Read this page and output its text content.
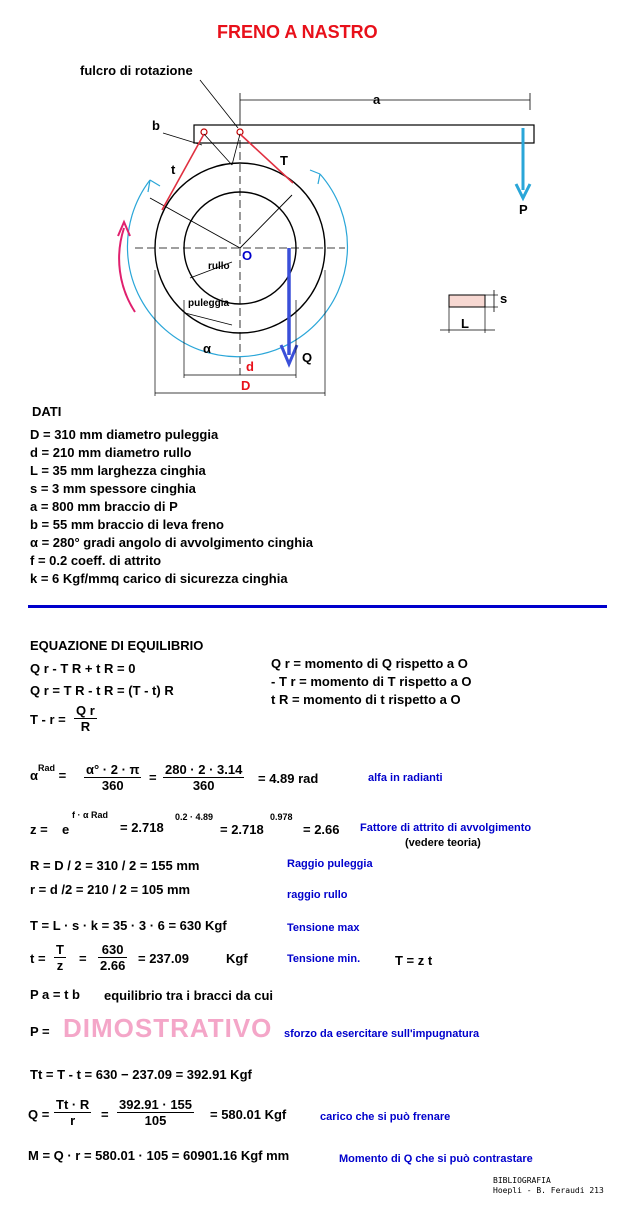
FRENO A NASTRO
fulcro di rotazione
a
b
t
T
P
O
rullo
puleggia
α
Q
d
D
s
L
DATI
D = 310 mm diametro puleggia
d = 210 mm diametro rullo
L = 35 mm larghezza cinghia
s = 3 mm spessore cinghia
a = 800 mm braccio di P
b = 55 mm braccio di leva freno
α = 280° gradi angolo di avvolgimento cinghia
f = 0.2 coeff. di attrito
k = 6 Kgf/mmq carico di sicurezza cinghia
EQUAZIONE DI EQUILIBRIO
Q r - T R + t R = 0
Q r = T R - t R = (T - t) R
$T - r = \frac{\text{Q r}}{R}$
Q r = momento di Q rispetto a O
- T r = momento di T rispetto a O
t R = momento di t rispetto a O
$\alpha^{Rad} = \frac{\alpha^\circ \cdot 2 \cdot \pi}{360} = \frac{280 \cdot 2 \cdot 3.14}{360} = 4.89$ rad	alfa in radianti
z = e
f · α Rad
= 2.718
0.2 · 4.89
= 2.718
0.978
= 2.66 Fattore di attrito di avvolgimento
(vedere teoria)
R = D / 2 = 310 / 2 = 155 mm	Raggio puleggia
r = d /2 = 210 / 2 = 105 mm	raggio rullo
T = L · s · k = 35 · 3 · 6 = 630 Kgf	Tensione max
$t = \frac{T}{z} = \frac{630}{2.66} = 237.09$	Kgf	Tensione min.	T = z t
P a = t b equilibrio tra i bracci da cui
P = DIMOSTRATIVO sforzo da esercitare sull'impugnatura
Tt = T - t = 630 − 237.09 = 392.91 Kgf
$Q = \frac{Tt \cdot R}{r} = \frac{392.91 \cdot 155}{105} = 580.01$ Kgf	carico che si può frenare
M = Q · r = 580.01 · 105 = 60901.16 Kgf mm	Momento di Q che si può contrastare
BIBLIOGRAFIA
Hoepli - B. Feraudi 213
